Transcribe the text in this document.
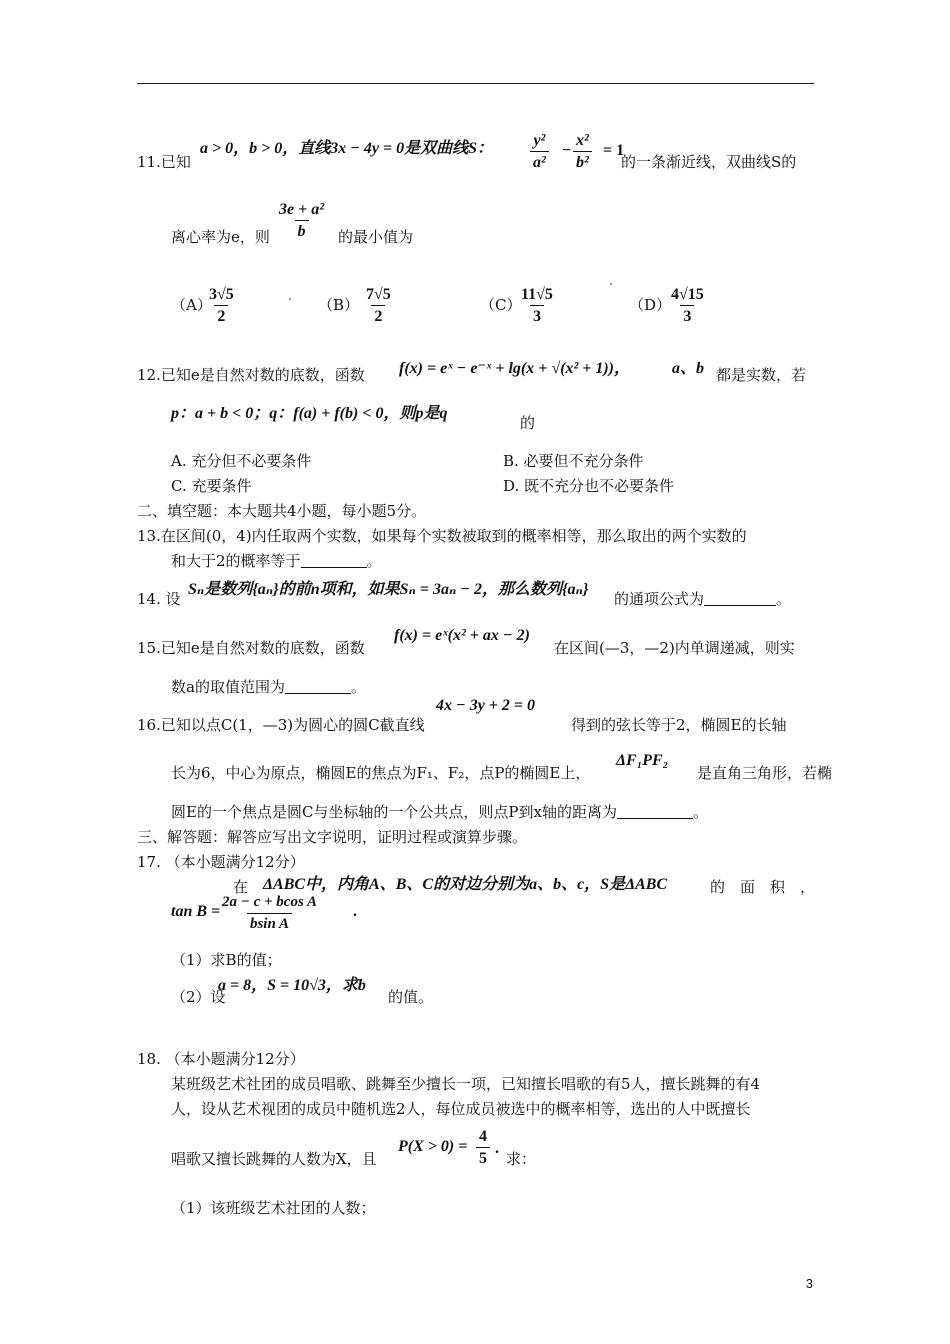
11.已知
a > 0，b > 0，直线3x − 4y = 0是双曲线S： $\frac{\text{y²}}{\text{a²}} - \frac{\text{x²}}{\text{b²}} = 1$
的一条渐近线，双曲线S的
离心率为e，则 $\frac{\text{3e + a²}}{b}$ 的最小值为
（A）
$\frac{3√5}{2}$	$(B) \frac{7√5}{2}$	（C）
$\frac{11√5}{3}$	（D）
$\frac{4√15}{3}$
12.已知e是自然对数的底数，函数 f(x) = eˣ − e⁻ˣ + lg(x + √(x² + 1))，	a、b 都是实数，若
p：a + b < 0；q：f(a) + f(b) < 0，则p是q
的
A. 充分但不必要条件	B. 必要但不充分条件
C. 充要条件	D. 既不充分也不必要条件
二、填空题：本大题共4小题，每小题5分。
13.在区间(0，4)内任取两个实数，如果每个实数被取到的概率相等，那么取出的两个实数的
和大于2的概率等于	。
14. 设
Sₙ是数列{aₙ}的前n项和，如果Sₙ = 3aₙ − 2，那么数列{aₙ}
的通项公式为	。
15.已知e是自然对数的底数，函数
f(x) = eˣ(x² + ax − 2)
在区间(—3，—2)内单调递减，则实
数a的取值范围为	。
16.已知以点C(1，—3)为圆心的圆C截直线
4x − 3y + 2 = 0
得到的弦长等于2，椭圆E的长轴
长为6，中心为原点，椭圆E的焦点为F₁、F₂，点P的椭圆E上，
ΔF₁PF₂
是直角三角形，若椭
圆E的一个焦点是圆C与坐标轴的一个公共点，则点P到x轴的距离为	。
三、解答题：解答应写出文字说明，证明过程或演算步骤。
17. （本小题满分12分）
在 ΔABC中，内角A、B、C的对边分别为a、b、c，S是ΔABC	的　面　积　，
tan B =
$\frac{\text{2a − c + bcos A}}{\text{bsin A}}$ .
（1）求B的值；
（2）设
a = 8，S = 10√3，求b
的值。
18. （本小题满分12分）
某班级艺术社团的成员唱歌、跳舞至少擅长一项，已知擅长唱歌的有5人，擅长跳舞的有4
人，设从艺术视团的成员中随机选2人，每位成员被选中的概率相等，选出的人中既擅长
唱歌又擅长跳舞的人数为X，且
$P(X > 0) = \frac{4}{5}$ .
求：
（1）该班级艺术社团的人数；
3
